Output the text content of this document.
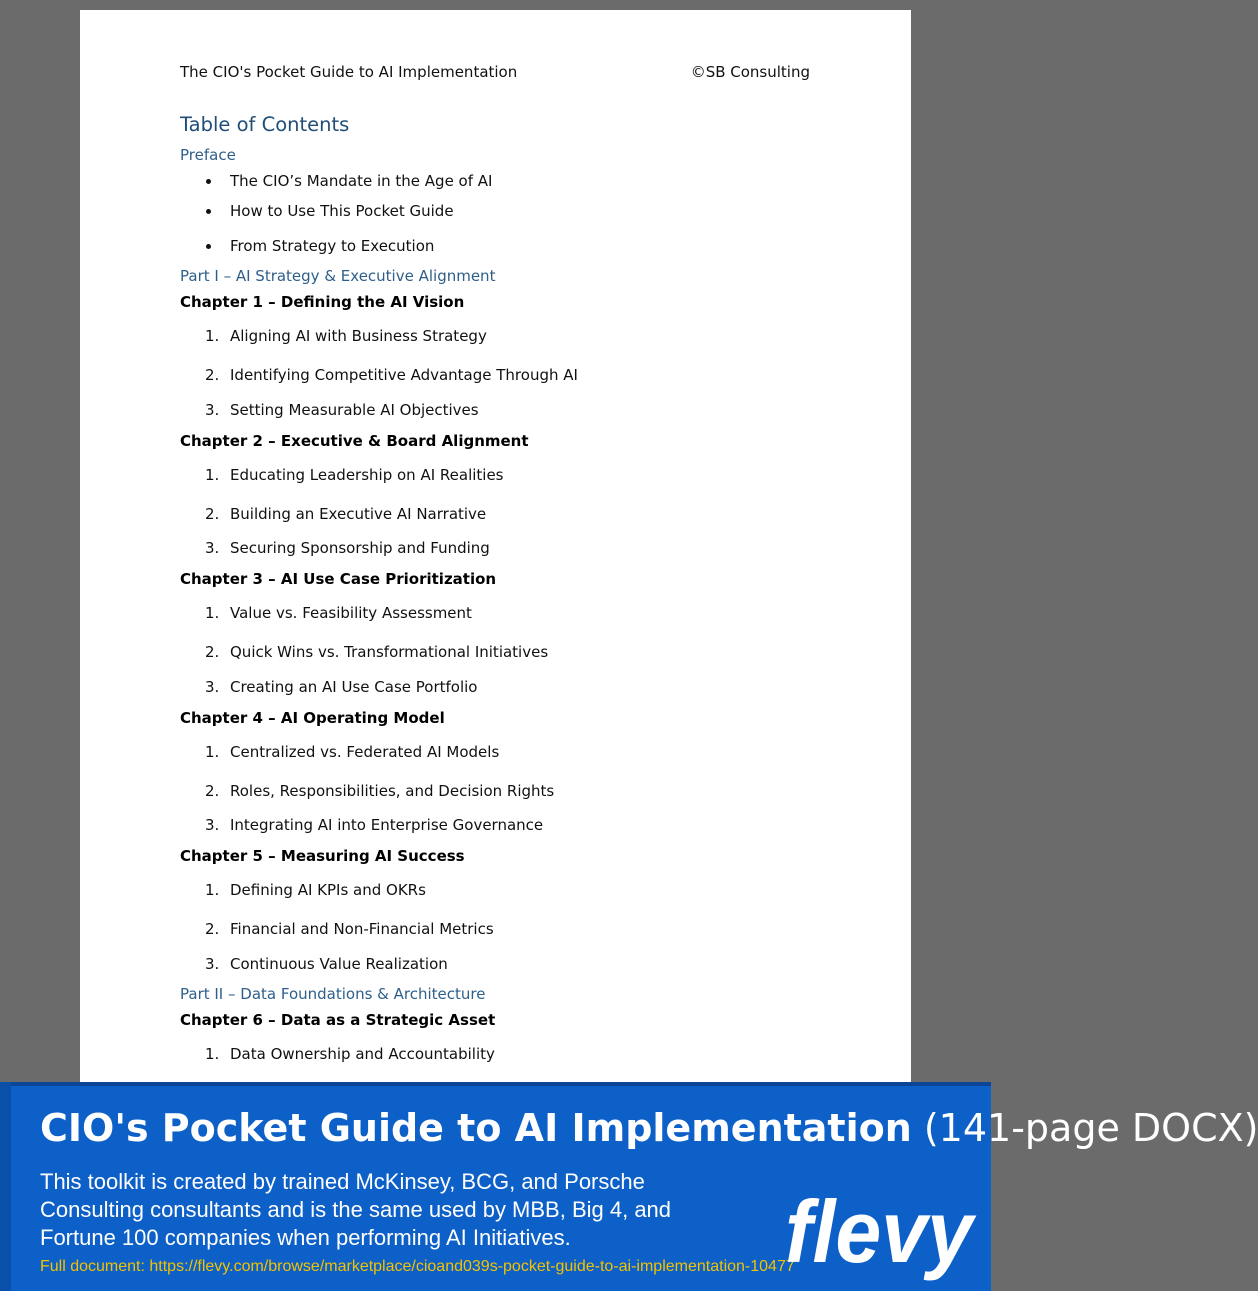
The CIO's Pocket Guide to AI Implementation	©SB Consulting
Table of Contents
Preface
The CIO’s Mandate in the Age of AI
How to Use This Pocket Guide
From Strategy to Execution
Part I – AI Strategy & Executive Alignment
Chapter 1 – Defining the AI Vision
1. Aligning AI with Business Strategy
2. Identifying Competitive Advantage Through AI
3. Setting Measurable AI Objectives
Chapter 2 – Executive & Board Alignment
1. Educating Leadership on AI Realities
2. Building an Executive AI Narrative
3. Securing Sponsorship and Funding
Chapter 3 – AI Use Case Prioritization
1. Value vs. Feasibility Assessment
2. Quick Wins vs. Transformational Initiatives
3. Creating an AI Use Case Portfolio
Chapter 4 – AI Operating Model
1. Centralized vs. Federated AI Models
2. Roles, Responsibilities, and Decision Rights
3. Integrating AI into Enterprise Governance
Chapter 5 – Measuring AI Success
1. Defining AI KPIs and OKRs
2. Financial and Non-Financial Metrics
3. Continuous Value Realization
Part II – Data Foundations & Architecture
Chapter 6 – Data as a Strategic Asset
1. Data Ownership and Accountability
CIO's Pocket Guide to AI Implementation (141-page DOCX)
This toolkit is created by trained McKinsey, BCG, and Porsche Consulting consultants and is the same used by MBB, Big 4, and Fortune 100 companies when performing AI Initiatives.
Full document: https://flevy.com/browse/marketplace/cioand039s-pocket-guide-to-ai-implementation-10477
flevy
